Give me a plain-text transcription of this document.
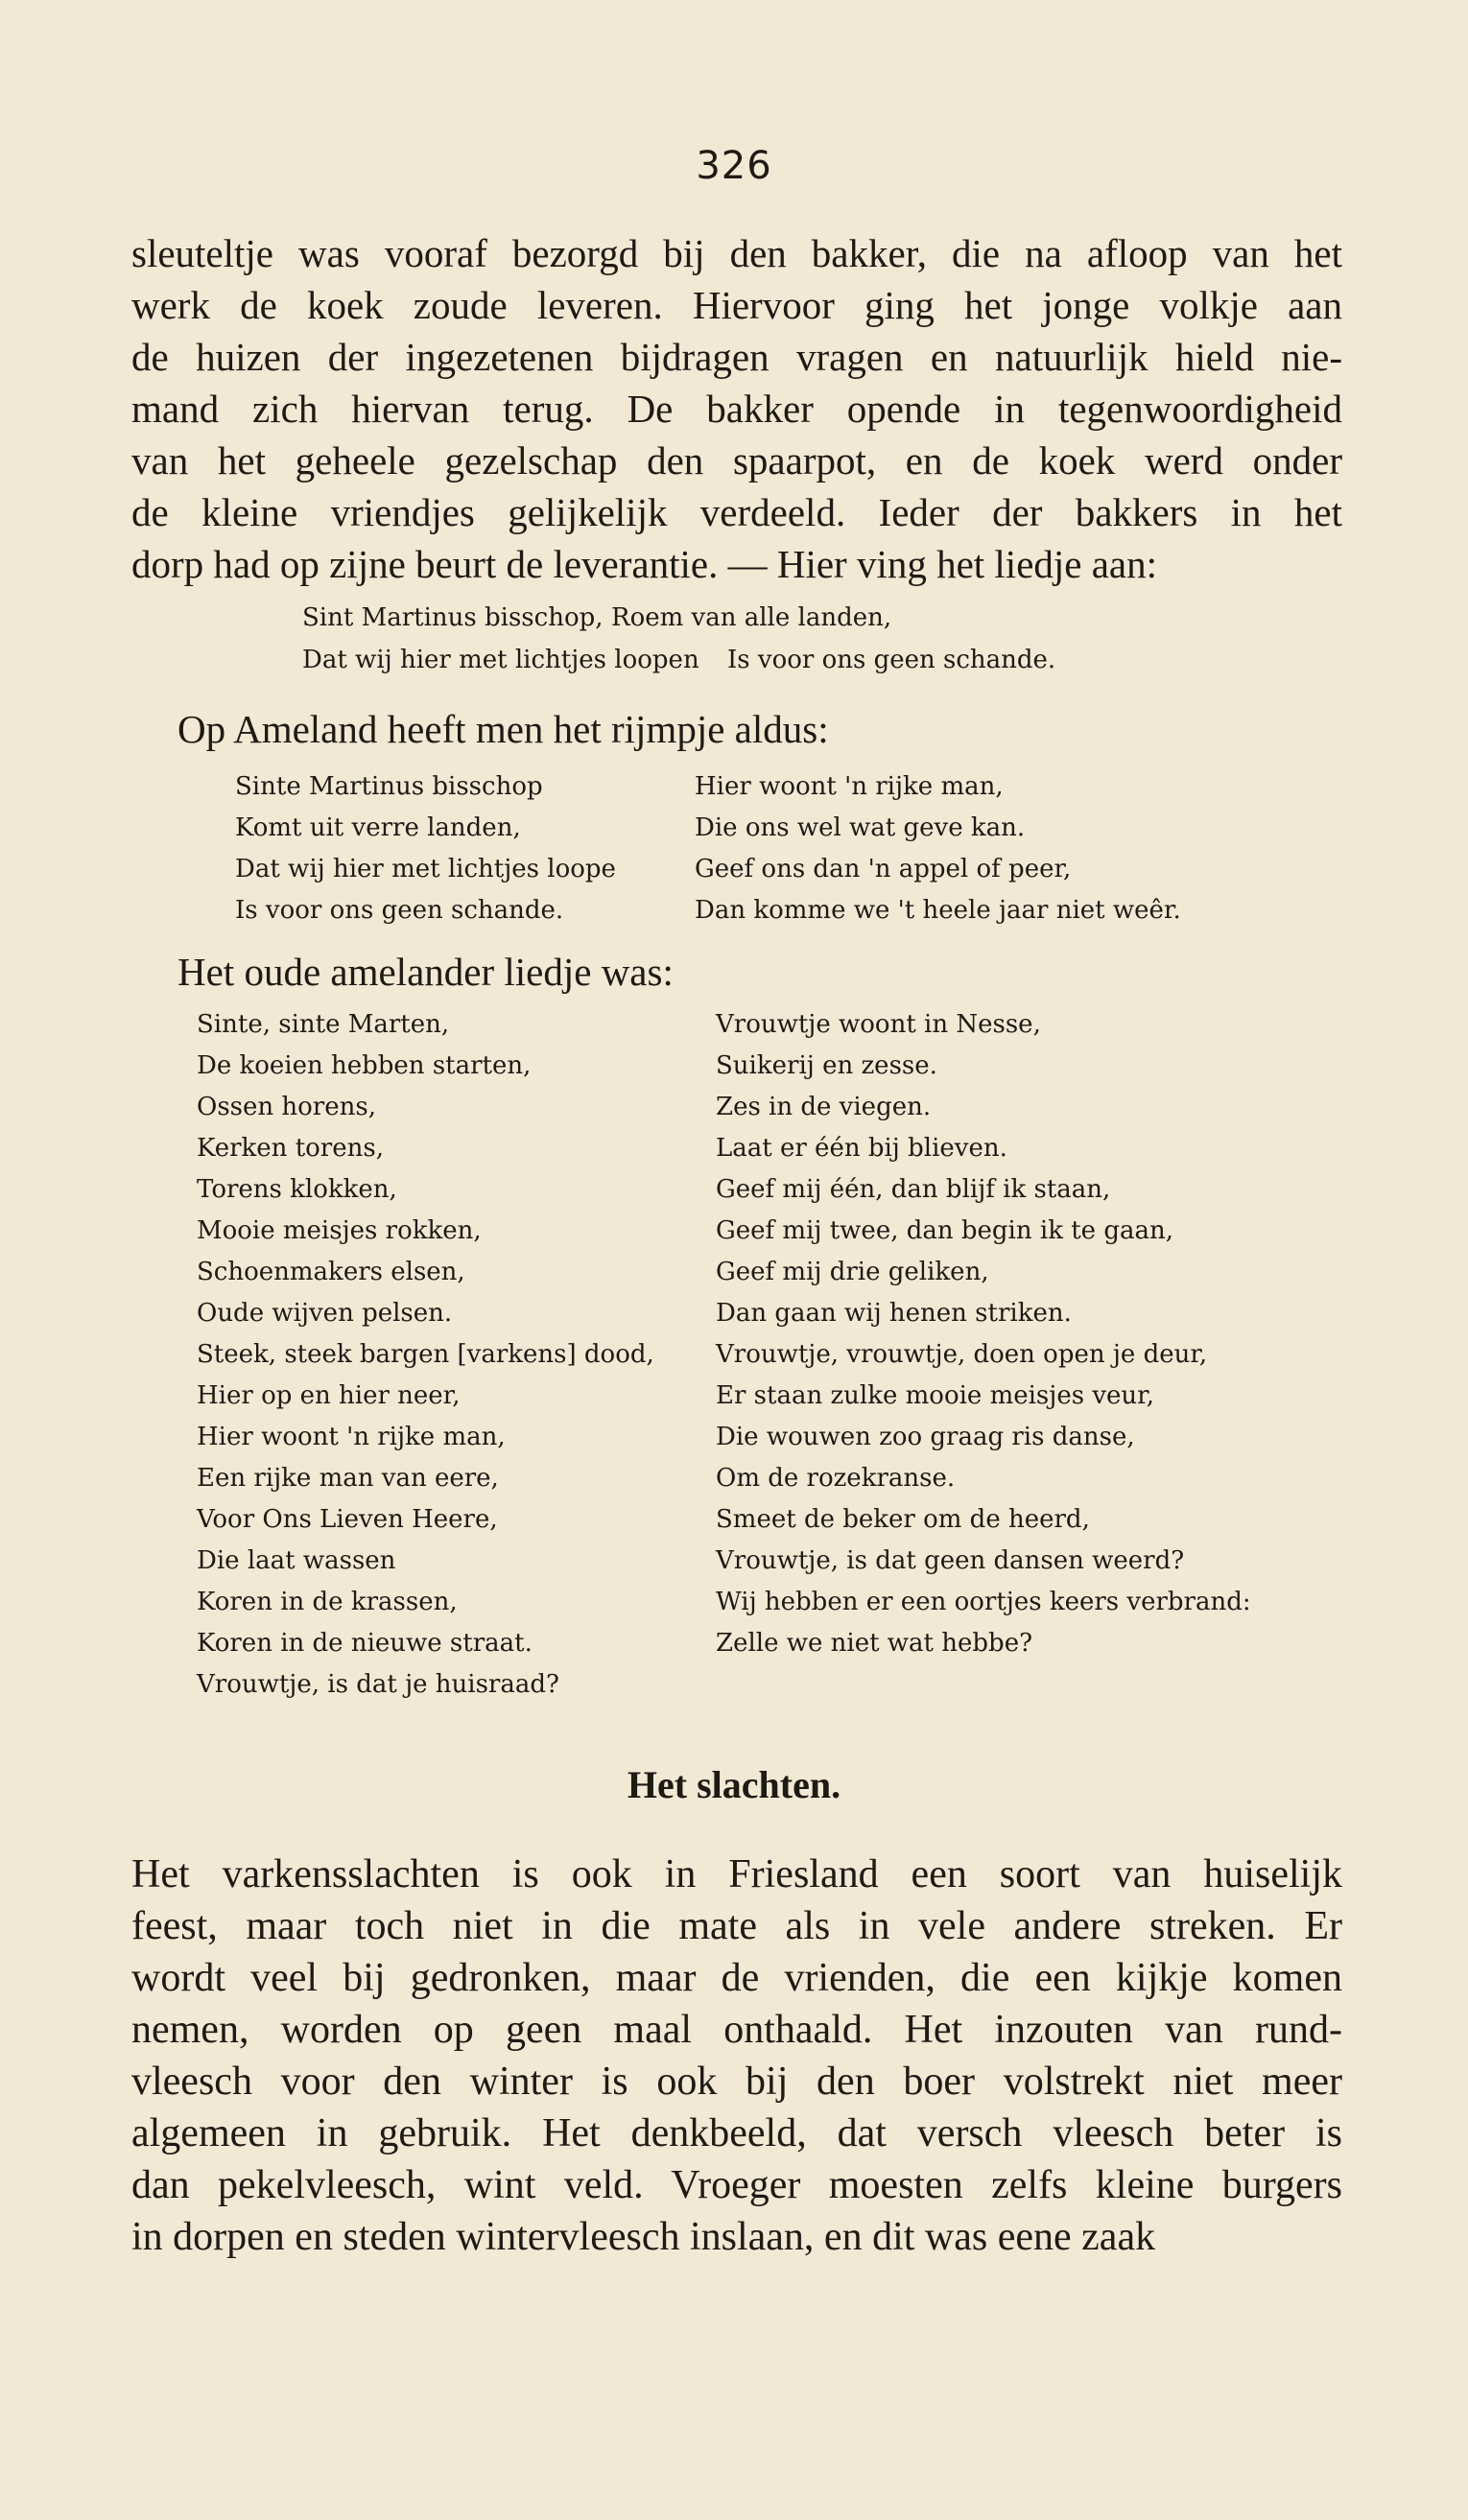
326
sleuteltje was vooraf bezorgd bij den bakker, die na afloop van het
werk de koek zoude leveren. Hiervoor ging het jonge volkje aan
de huizen der ingezetenen bijdragen vragen en natuurlijk hield nie-
mand zich hiervan terug. De bakker opende in tegenwoordigheid
van het geheele gezelschap den spaarpot, en de koek werd onder
de kleine vriendjes gelijkelijk verdeeld. Ieder der bakkers in het
dorp had op zijne beurt de leverantie. — Hier ving het liedje aan:
Sint Martinus bisschop, Roem van alle landen,
Dat wij hier met lichtjes loopen Is voor ons geen schande.
Op Ameland heeft men het rijmpje aldus:
Sinte Martinus bisschop
Komt uit verre landen,
Dat wij hier met lichtjes loope
Is voor ons geen schande.
Hier woont 'n rijke man,
Die ons wel wat geve kan.
Geef ons dan 'n appel of peer,
Dan komme we 't heele jaar niet weêr.
Het oude amelander liedje was:
Sinte, sinte Marten,
De koeien hebben starten,
Ossen horens,
Kerken torens,
Torens klokken,
Mooie meisjes rokken,
Schoenmakers elsen,
Oude wijven pelsen.
Steek, steek bargen [varkens] dood,
Hier op en hier neer,
Hier woont 'n rijke man,
Een rijke man van eere,
Voor Ons Lieven Heere,
Die laat wassen
Koren in de krassen,
Koren in de nieuwe straat.
Vrouwtje, is dat je huisraad?
Vrouwtje woont in Nesse,
Suikerij en zesse.
Zes in de viegen.
Laat er één bij blieven.
Geef mij één, dan blijf ik staan,
Geef mij twee, dan begin ik te gaan,
Geef mij drie geliken,
Dan gaan wij henen striken.
Vrouwtje, vrouwtje, doen open je deur,
Er staan zulke mooie meisjes veur,
Die wouwen zoo graag ris danse,
Om de rozekranse.
Smeet de beker om de heerd,
Vrouwtje, is dat geen dansen weerd?
Wij hebben er een oortjes keers verbrand:
Zelle we niet wat hebbe?
Het slachten.
Het varkensslachten is ook in Friesland een soort van huiselijk
feest, maar toch niet in die mate als in vele andere streken. Er
wordt veel bij gedronken, maar de vrienden, die een kijkje komen
nemen, worden op geen maal onthaald. Het inzouten van rund-
vleesch voor den winter is ook bij den boer volstrekt niet meer
algemeen in gebruik. Het denkbeeld, dat versch vleesch beter is
dan pekelvleesch, wint veld. Vroeger moesten zelfs kleine burgers
in dorpen en steden wintervleesch inslaan, en dit was eene zaak
